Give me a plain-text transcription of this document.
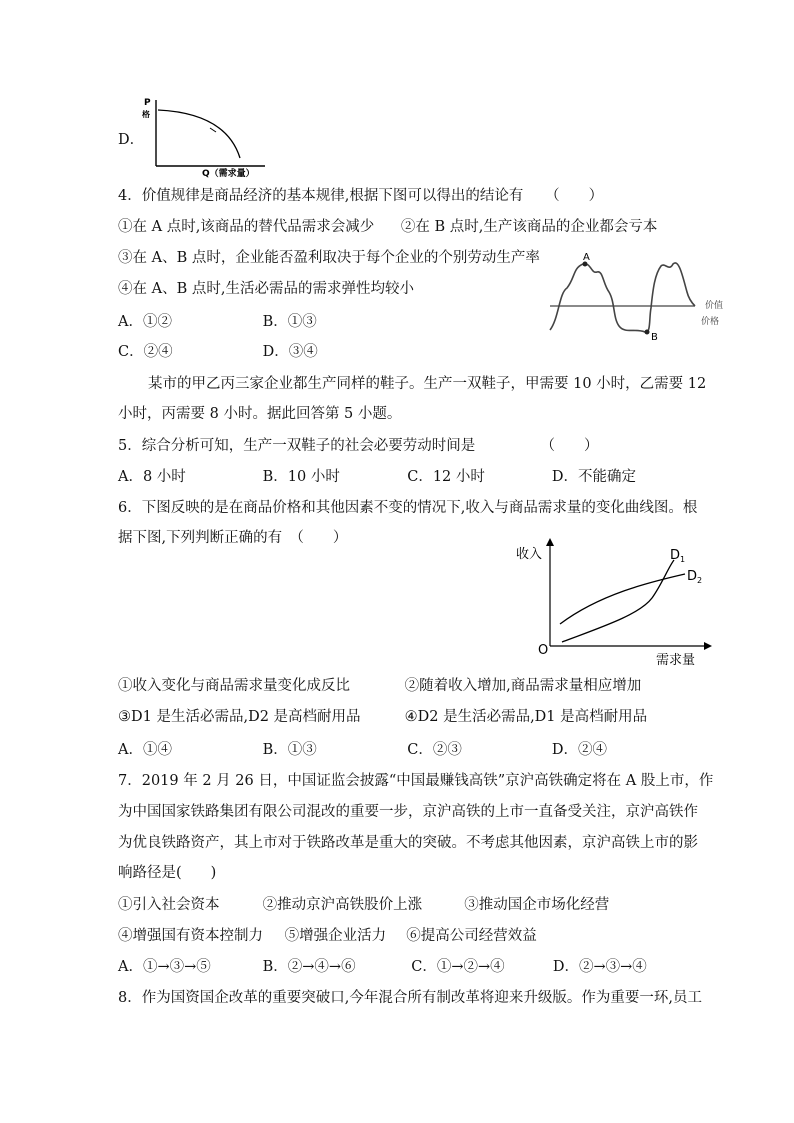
D．
P
格
Q（需求量）
4．价值规律是商品经济的基本规律,根据下图可以得出的结论有　　（　　）
①在 A 点时,该商品的替代品需求会减少 ②在 B 点时,生产该商品的企业都会亏本
③在 A、B 点时，企业能否盈利取决于每个企业的个别劳动生产率
④在 A、B 点时,生活必需品的需求弹性均较小
A．①②	B．①③
C．②④	D．③④
A
B
价值
价格
某市的甲乙丙三家企业都生产同样的鞋子。生产一双鞋子，甲需要 10 小时，乙需要 12
小时，丙需要 8 小时。据此回答第 5 小题。
5．综合分析可知，生产一双鞋子的社会必要劳动时间是　　　　　（　　）
A．8 小时	B．10 小时	C．12 小时	D．不能确定
6．下图反映的是在商品价格和其他因素不变的情况下,收入与商品需求量的变化曲线图。根
据下图,下列判断正确的有　（　　）
收入
需求量
O
$D_1$
$D_2$
①收入变化与商品需求量变化成反比	②随着收入增加,商品需求量相应增加
③D1 是生活必需品,D2 是高档耐用品	④D2 是生活必需品,D1 是高档耐用品
A．①④	B．①③	C．②③	D．②④
7．2019 年 2 月 26 日，中国证监会披露“中国最赚钱高铁”京沪高铁确定将在 A 股上市，作
为中国国家铁路集团有限公司混改的重要一步，京沪高铁的上市一直备受关注，京沪高铁作
为优良铁路资产，其上市对于铁路改革是重大的突破。不考虑其他因素，京沪高铁上市的影
响路径是(　　)
①引入社会资本	②推动京沪高铁股价上涨	③推动国企市场化经营
④增强国有资本控制力 ⑤增强企业活力 ⑥提高公司经营效益
A．①→③→⑤	B．②→④→⑥	C．①→②→④	D．②→③→④
8．作为国资国企改革的重要突破口,今年混合所有制改革将迎来升级版。作为重要一环,员工
